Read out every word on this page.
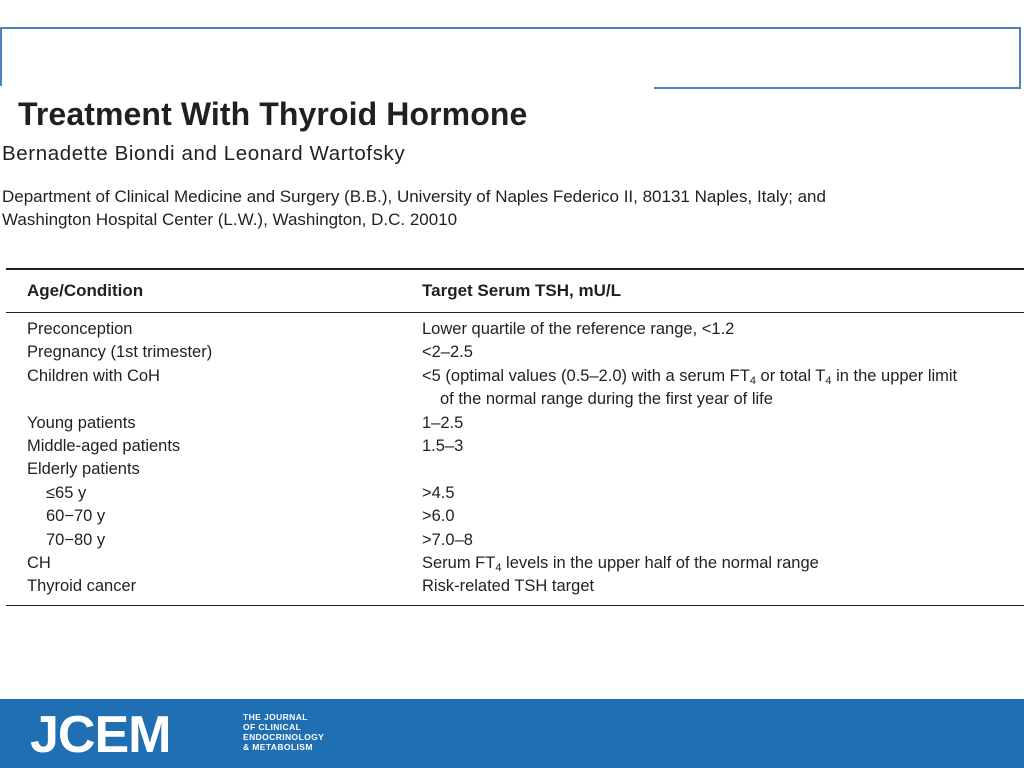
Treatment With Thyroid Hormone
Bernadette Biondi and Leonard Wartofsky
Department of Clinical Medicine and Surgery (B.B.), University of Naples Federico II, 80131 Naples, Italy; and
Washington Hospital Center (L.W.), Washington, D.C. 20010
Age/Condition	Target Serum TSH, mU/L
Preconception	Lower quartile of the reference range, <1.2
Pregnancy (1st trimester)	<2–2.5
Children with CoH	<5 (optimal values (0.5–2.0) with a serum $FT_4$ or total $T_4$ in the upper limit
of the normal range during the first year of life
Young patients	1–2.5
Middle-aged patients	1.5–3
Elderly patients
≤65 y	>4.5
60−70 y	>6.0
70−80 y	>7.0–8
CH	Serum $FT_4$ levels in the upper half of the normal range
Thyroid cancer	Risk-related TSH target
JCEM	THE JOURNAL
OF CLINICAL
ENDOCRINOLOGY
& METABOLISM
